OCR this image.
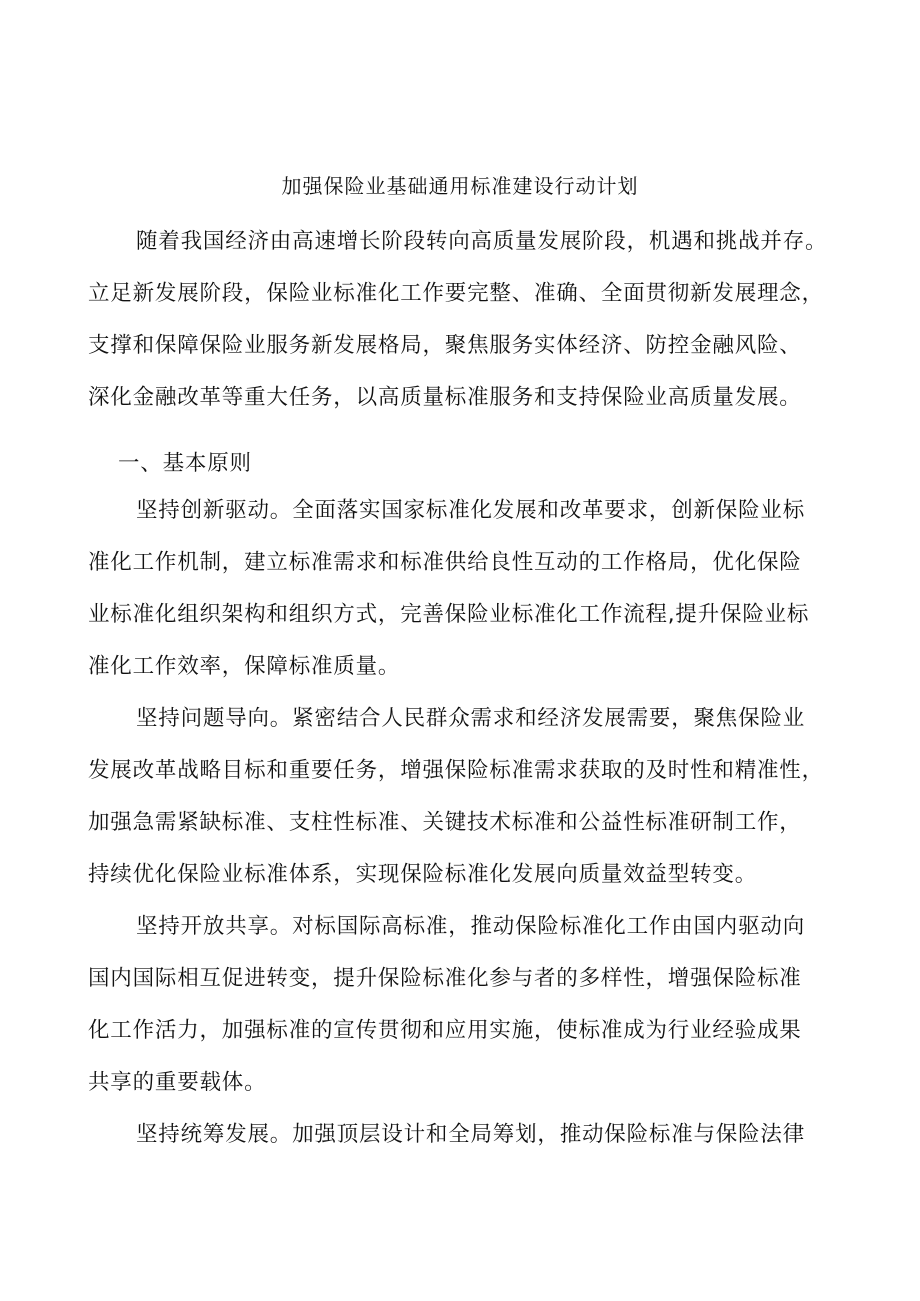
加强保险业基础通用标准建设行动计划
随着我国经济由高速增长阶段转向高质量发展阶段，机遇和挑战并存。
立足新发展阶段，保险业标准化工作要完整、准确、全面贯彻新发展理念，
支撑和保障保险业服务新发展格局，聚焦服务实体经济、防控金融风险、
深化金融改革等重大任务，以高质量标准服务和支持保险业高质量发展。
一、基本原则
坚持创新驱动。全面落实国家标准化发展和改革要求，创新保险业标
准化工作机制，建立标准需求和标准供给良性互动的工作格局，优化保险
业标准化组织架构和组织方式，完善保险业标准化工作流程,提升保险业标
准化工作效率，保障标准质量。
坚持问题导向。紧密结合人民群众需求和经济发展需要，聚焦保险业
发展改革战略目标和重要任务，增强保险标准需求获取的及时性和精准性，
加强急需紧缺标准、支柱性标准、关键技术标准和公益性标准研制工作，
持续优化保险业标准体系，实现保险标准化发展向质量效益型转变。
坚持开放共享。对标国际高标准，推动保险标准化工作由国内驱动向
国内国际相互促进转变，提升保险标准化参与者的多样性，增强保险标准
化工作活力，加强标准的宣传贯彻和应用实施，使标准成为行业经验成果
共享的重要载体。
坚持统筹发展。加强顶层设计和全局筹划，推动保险标准与保险法律
